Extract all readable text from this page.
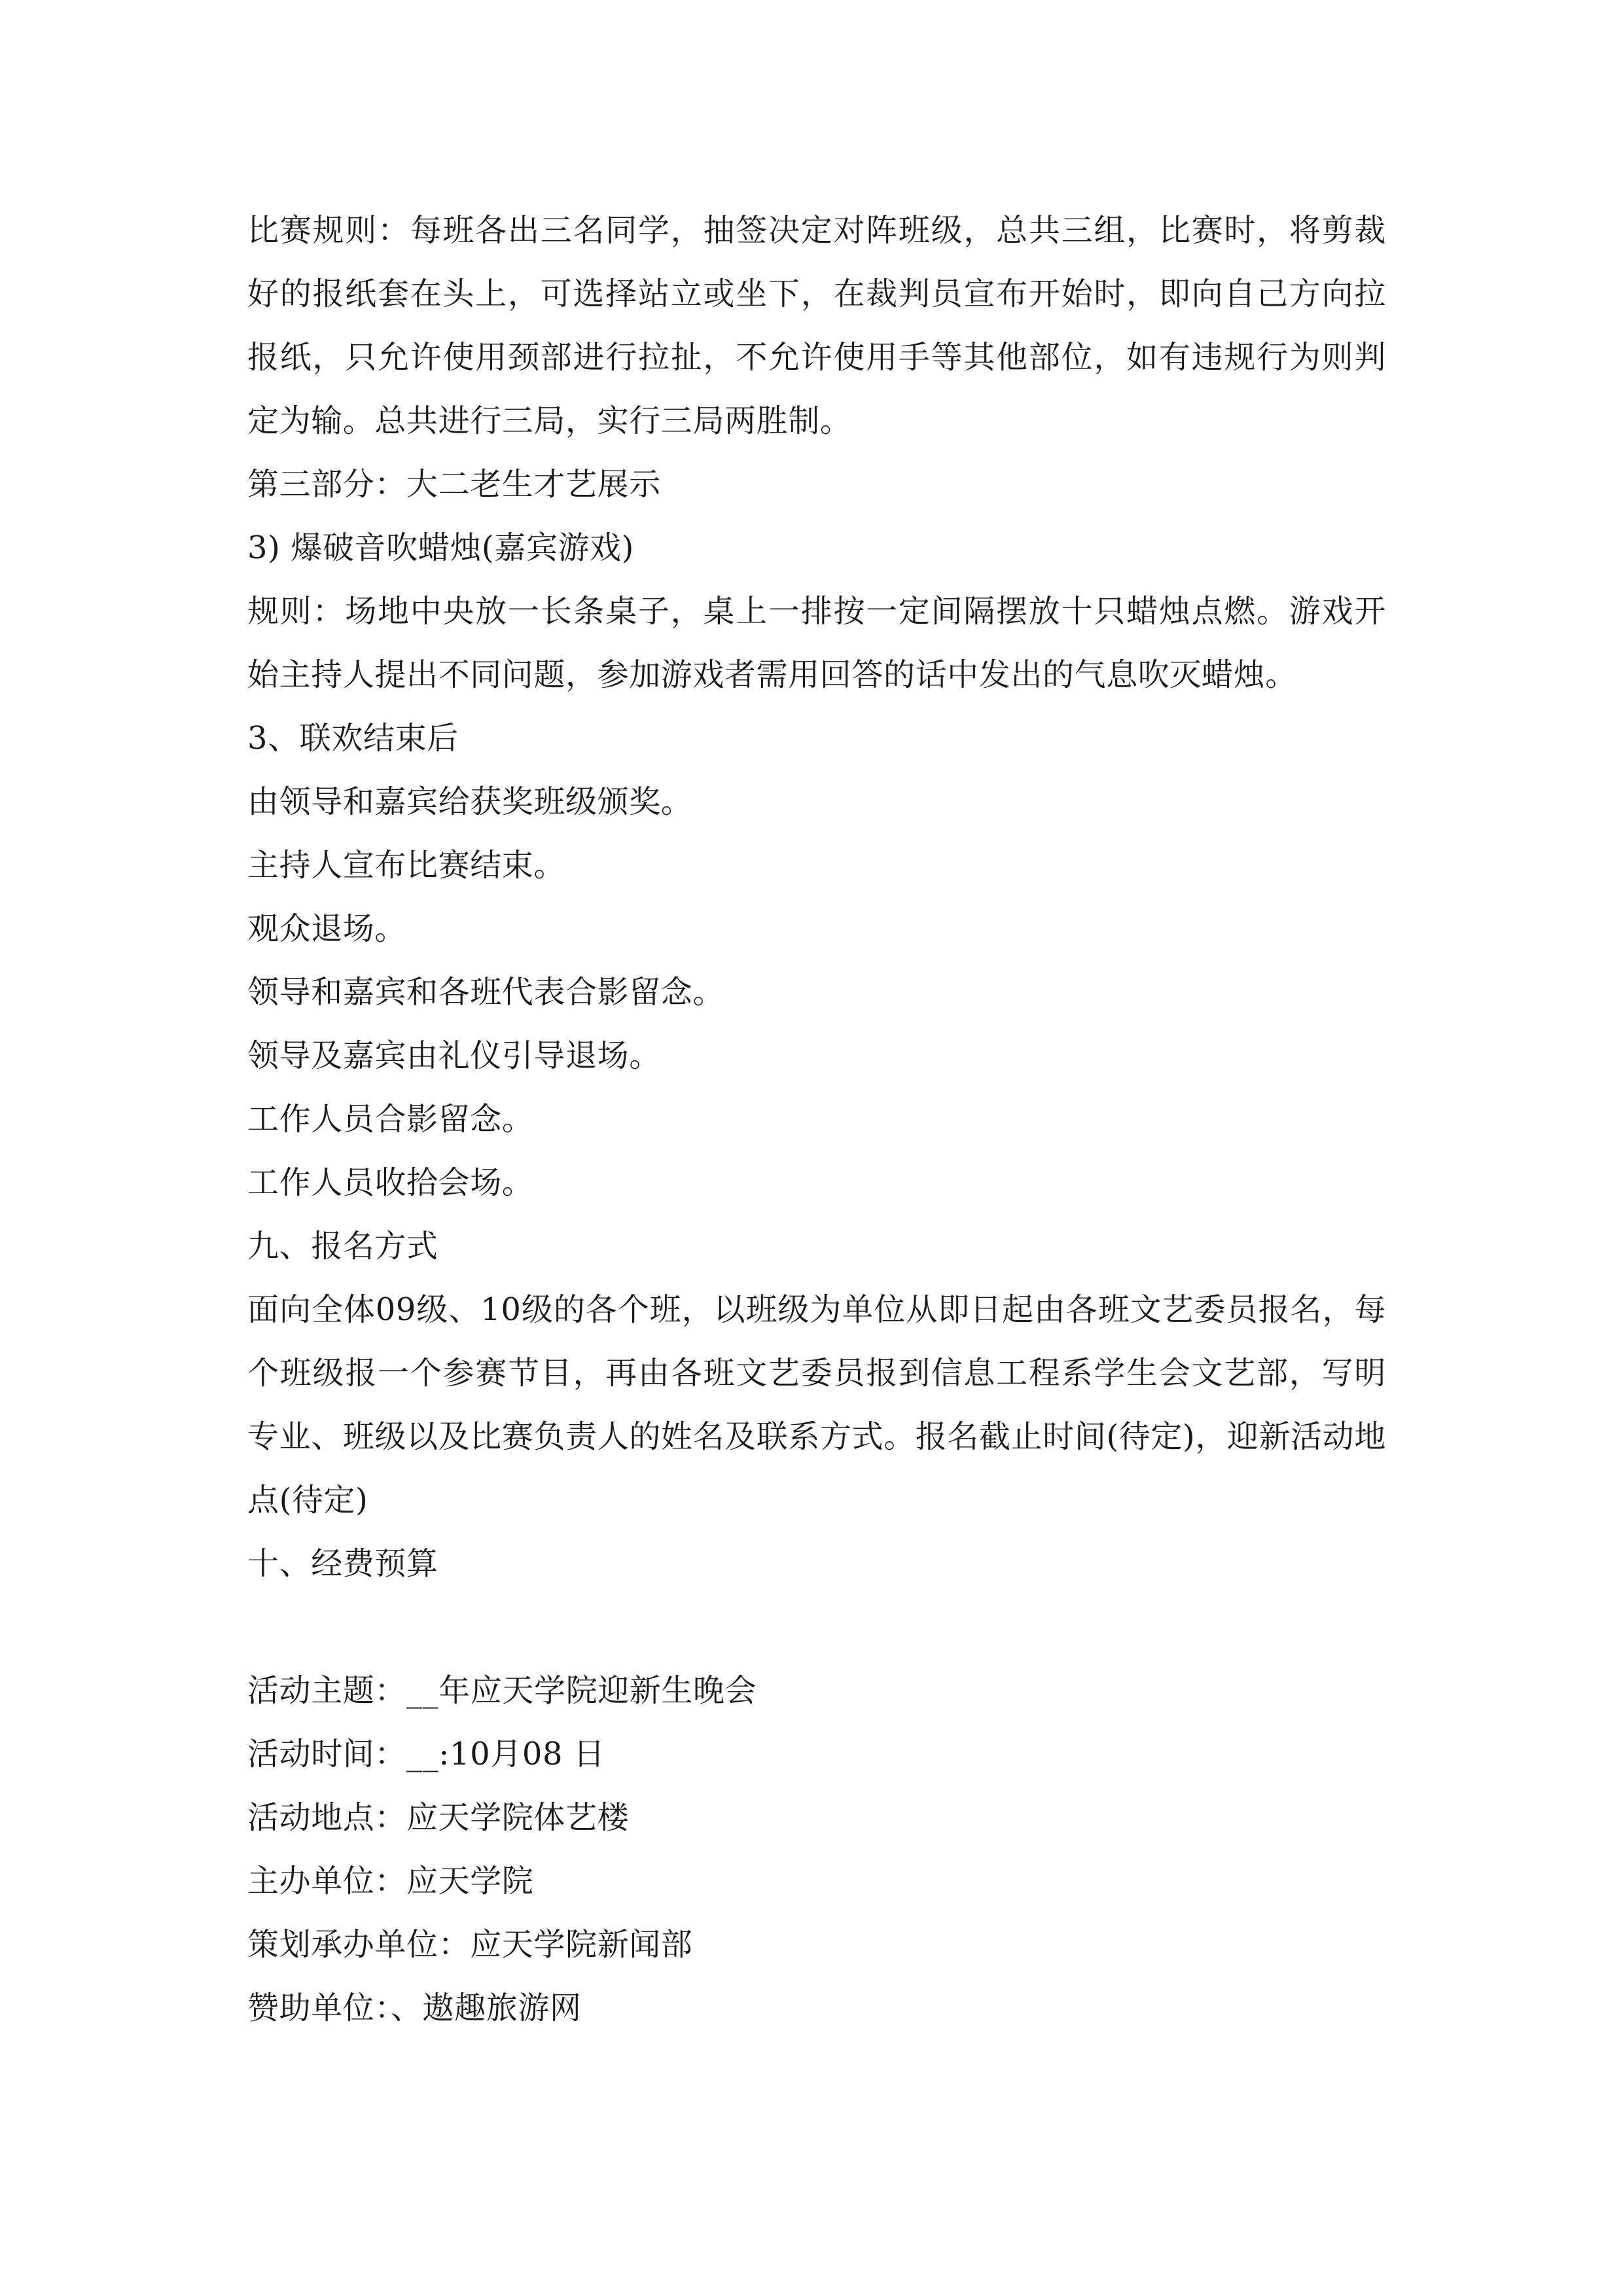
比赛规则：每班各出三名同学，抽签决定对阵班级，总共三组，比赛时，将剪裁好的报纸套在头上，可选择站立或坐下，在裁判员宣布开始时，即向自己方向拉报纸，只允许使用颈部进行拉扯，不允许使用手等其他部位，如有违规行为则判定为输。总共进行三局，实行三局两胜制。

第三部分：大二老生才艺展示

3) 爆破音吹蜡烛(嘉宾游戏)

规则：场地中央放一长条桌子，桌上一排按一定间隔摆放十只蜡烛点燃。游戏开始主持人提出不同问题，参加游戏者需用回答的话中发出的气息吹灭蜡烛。

3、联欢结束后

由领导和嘉宾给获奖班级颁奖。

主持人宣布比赛结束。

观众退场。

领导和嘉宾和各班代表合影留念。

领导及嘉宾由礼仪引导退场。

工作人员合影留念。

工作人员收拾会场。

九、报名方式

面向全体09级、10级的各个班，以班级为单位从即日起由各班文艺委员报名，每个班级报一个参赛节目，再由各班文艺委员报到信息工程系学生会文艺部，写明专业、班级以及比赛负责人的姓名及联系方式。报名截止时间(待定)，迎新活动地点(待定)

十、经费预算

活动主题：__年应天学院迎新生晚会

活动时间：__:10月08 日

活动地点：应天学院体艺楼

主办单位：应天学院

策划承办单位：应天学院新闻部

赞助单位：、遨趣旅游网
